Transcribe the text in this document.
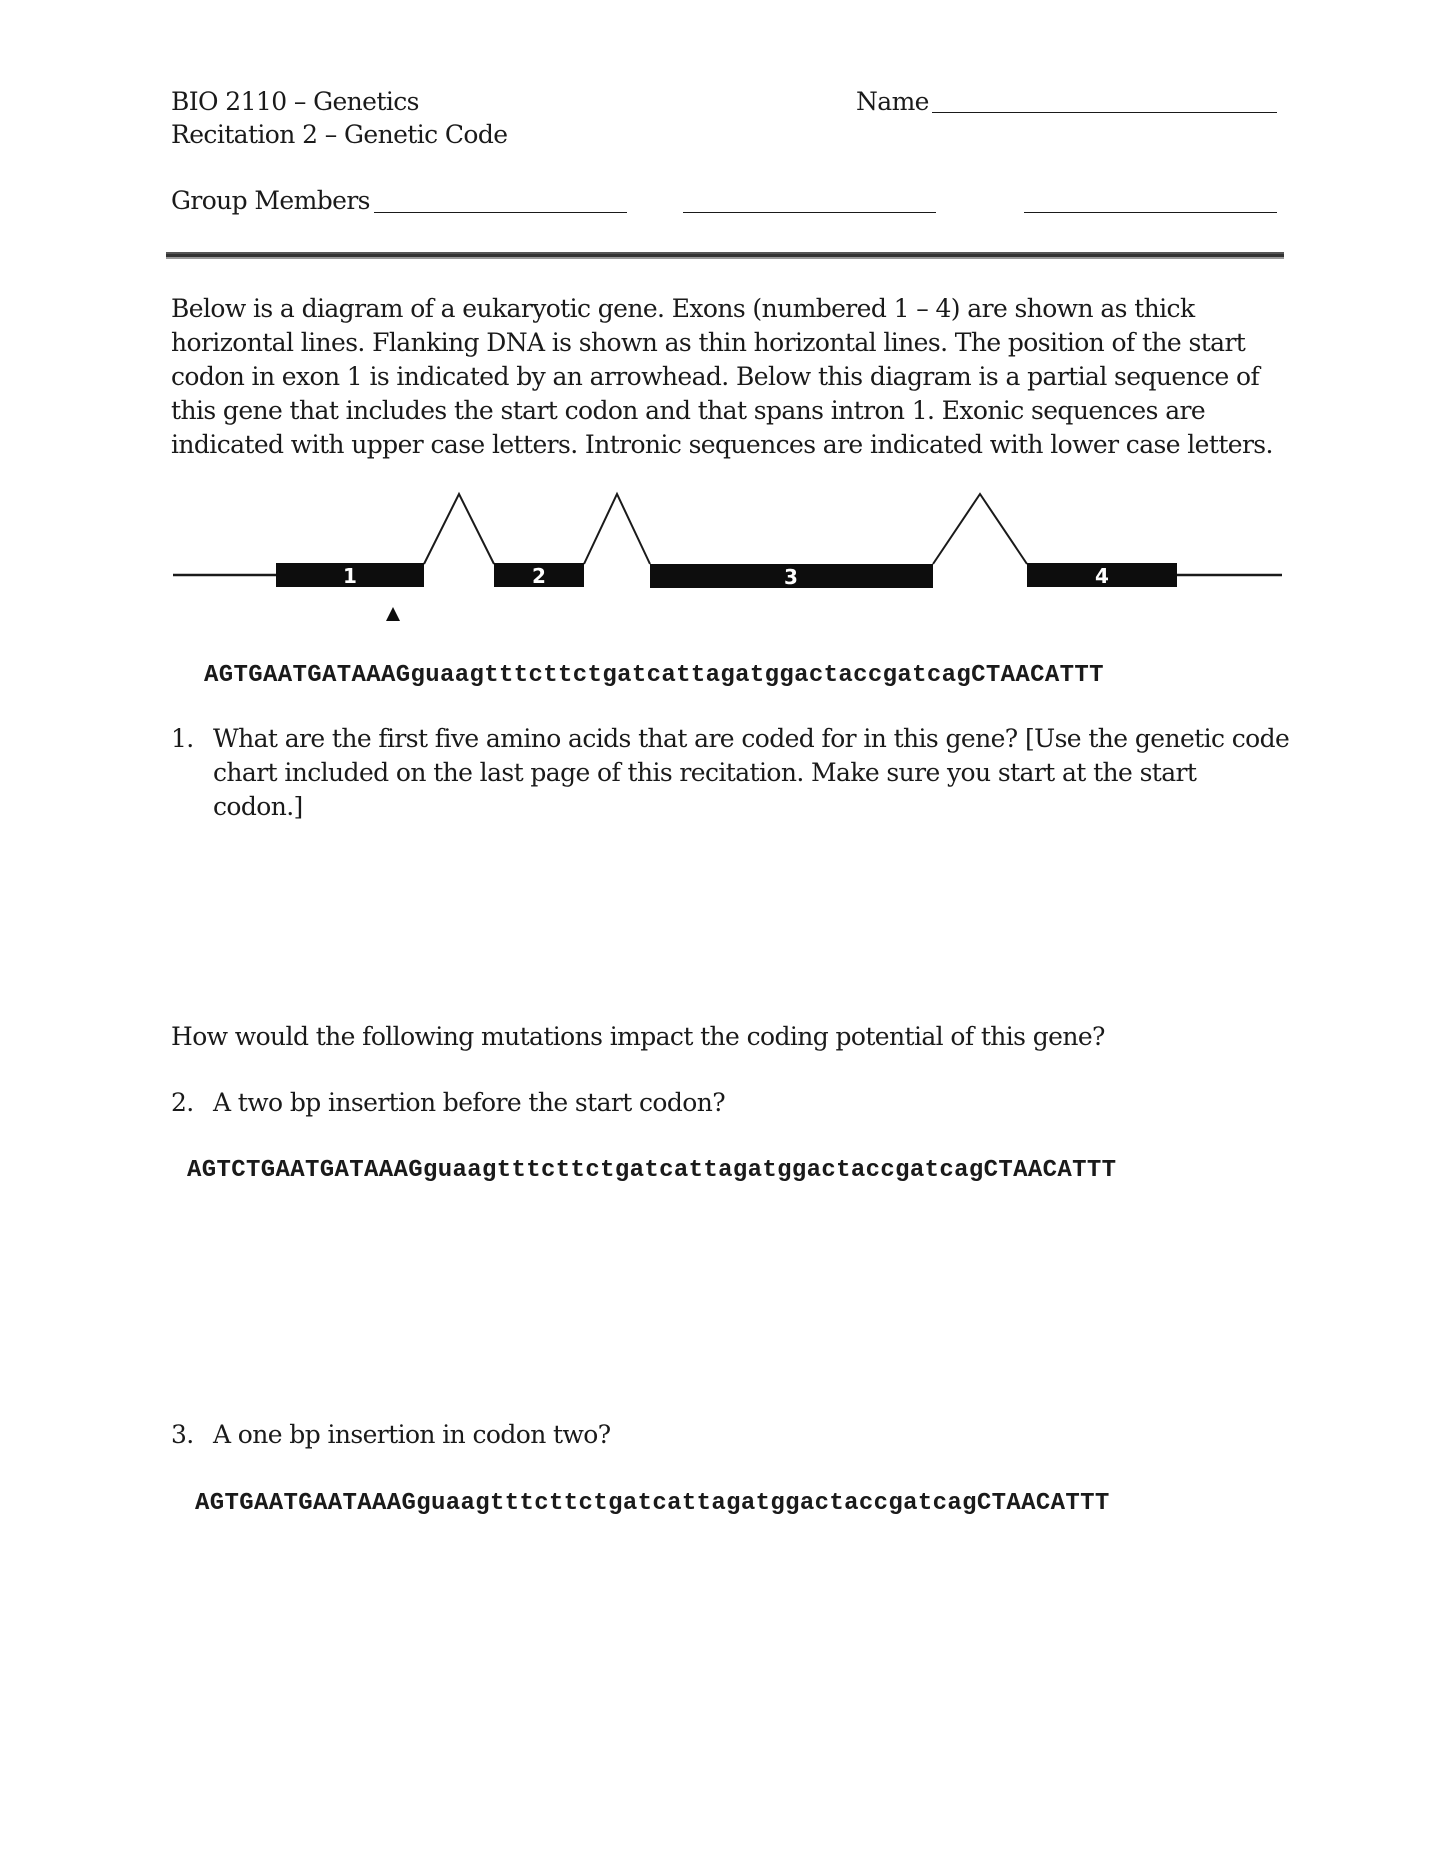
BIO 2110 – Genetics
Recitation 2 – Genetic Code
Name
Group Members
Below is a diagram of a eukaryotic gene. Exons (numbered 1 – 4) are shown as thick
horizontal lines. Flanking DNA is shown as thin horizontal lines. The position of the start
codon in exon 1 is indicated by an arrowhead. Below this diagram is a partial sequence of
this gene that includes the start codon and that spans intron 1. Exonic sequences are
indicated with upper case letters. Intronic sequences are indicated with lower case letters.
1	2	3	4
AGTGAATGATAAAGguaagtttcttctgatcattagatggactaccgatcagCTAACATTT
1. What are the first five amino acids that are coded for in this gene? [Use the genetic code
chart included on the last page of this recitation. Make sure you start at the start
codon.]
How would the following mutations impact the coding potential of this gene?
2. A two bp insertion before the start codon?
AGTCTGAATGATAAAGguaagtttcttctgatcattagatggactaccgatcagCTAACATTT
3. A one bp insertion in codon two?
AGTGAATGAATAAAGguaagtttcttctgatcattagatggactaccgatcagCTAACATTT
